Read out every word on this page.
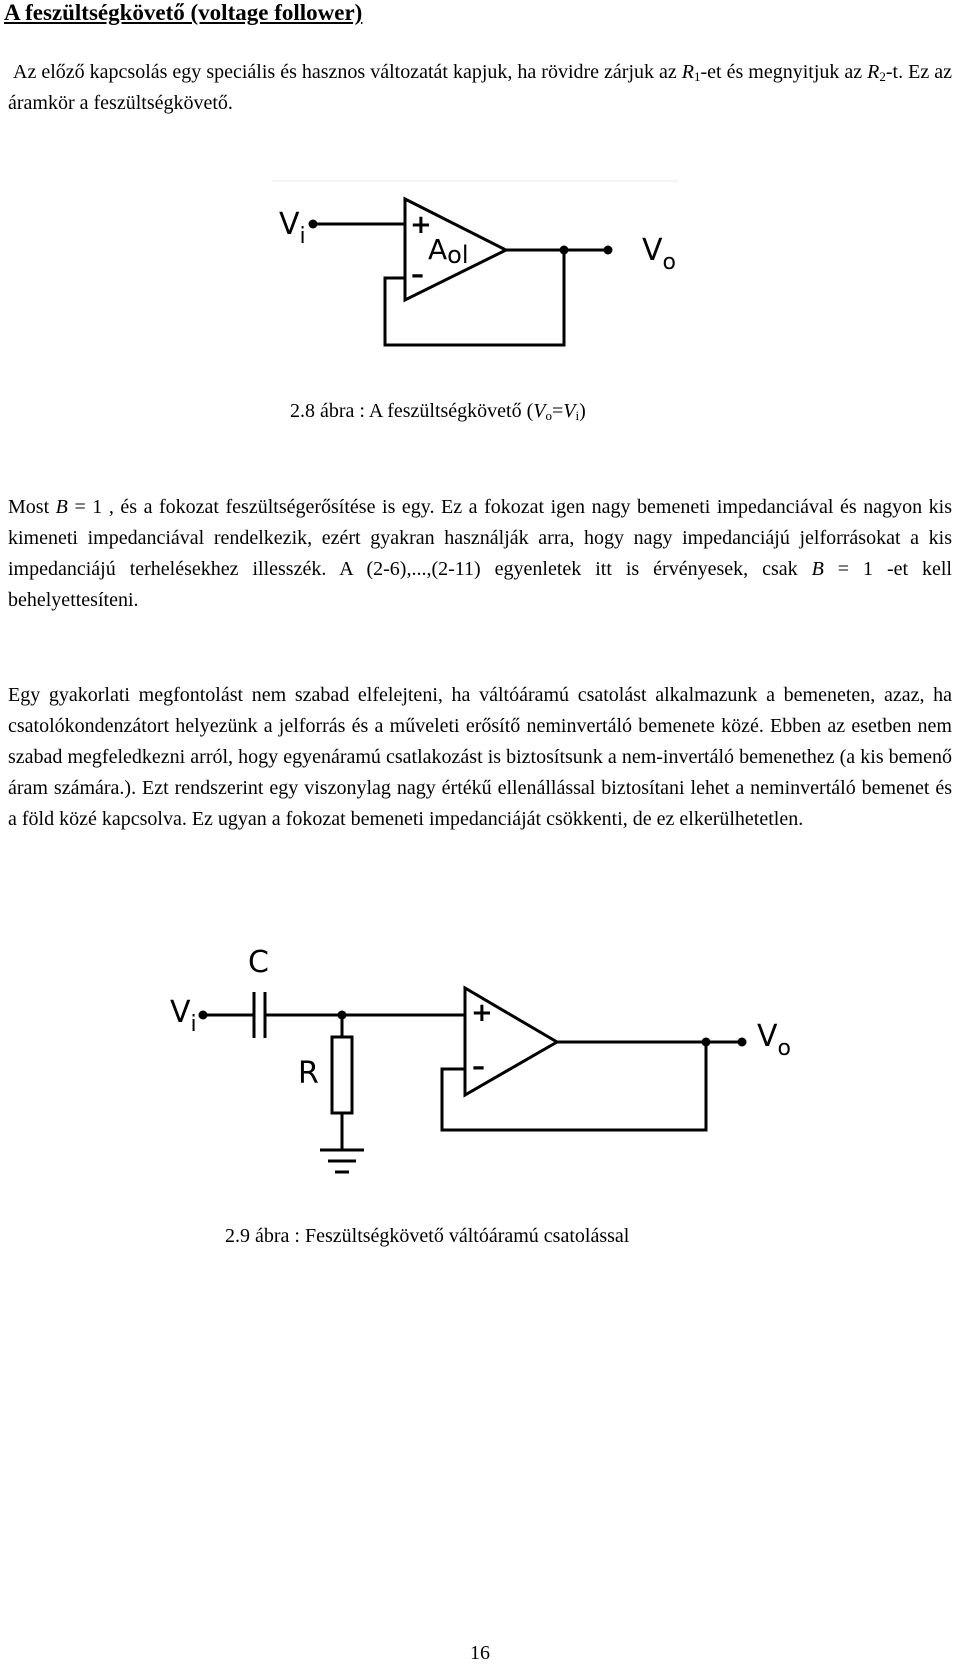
A feszültségkövető (voltage follower)
Az előző kapcsolás egy speciális és hasznos változatát kapjuk, ha rövidre zárjuk az $R_1-et$ és megnyitjuk az $R_2-t$. Ez az áramkör a feszültségkövető.
$V_i$	$V_o$
+
–
Aol
2.8 ábra : A feszültségkövető $(V_o=V_i)$
Most B = 1 , és a fokozat feszültségerősítése is egy. Ez a fokozat igen nagy bemeneti impedanciával és nagyon kis kimeneti impedanciával rendelkezik, ezért gyakran használják arra, hogy nagy impedanciájú jelforrásokat a kis impedanciájú terhelésekhez illesszék. A (2-6),...,(2-11) egyenletek itt is érvényesek, csak B = 1 -et kell behelyettesíteni.
Egy gyakorlati megfontolást nem szabad elfelejteni, ha váltóáramú csatolást alkalmazunk a bemeneten, azaz, ha csatolókondenzátort helyezünk a jelforrás és a műveleti erősítő neminvertáló bemenete közé. Ebben az esetben nem szabad megfeledkezni arról, hogy egyenáramú csatlakozást is biztosítsunk a nem-invertáló bemenethez (a kis bemenő áram számára.). Ezt rendszerint egy viszonylag nagy értékű ellenállással biztosítani lehet a neminvertáló bemenet és a föld közé kapcsolva. Ez ugyan a fokozat bemeneti impedanciáját csökkenti, de ez elkerülhetetlen.
C
R
$V_i$	$V_o$
+
–
2.9 ábra : Feszültségkövető váltóáramú csatolással
16
